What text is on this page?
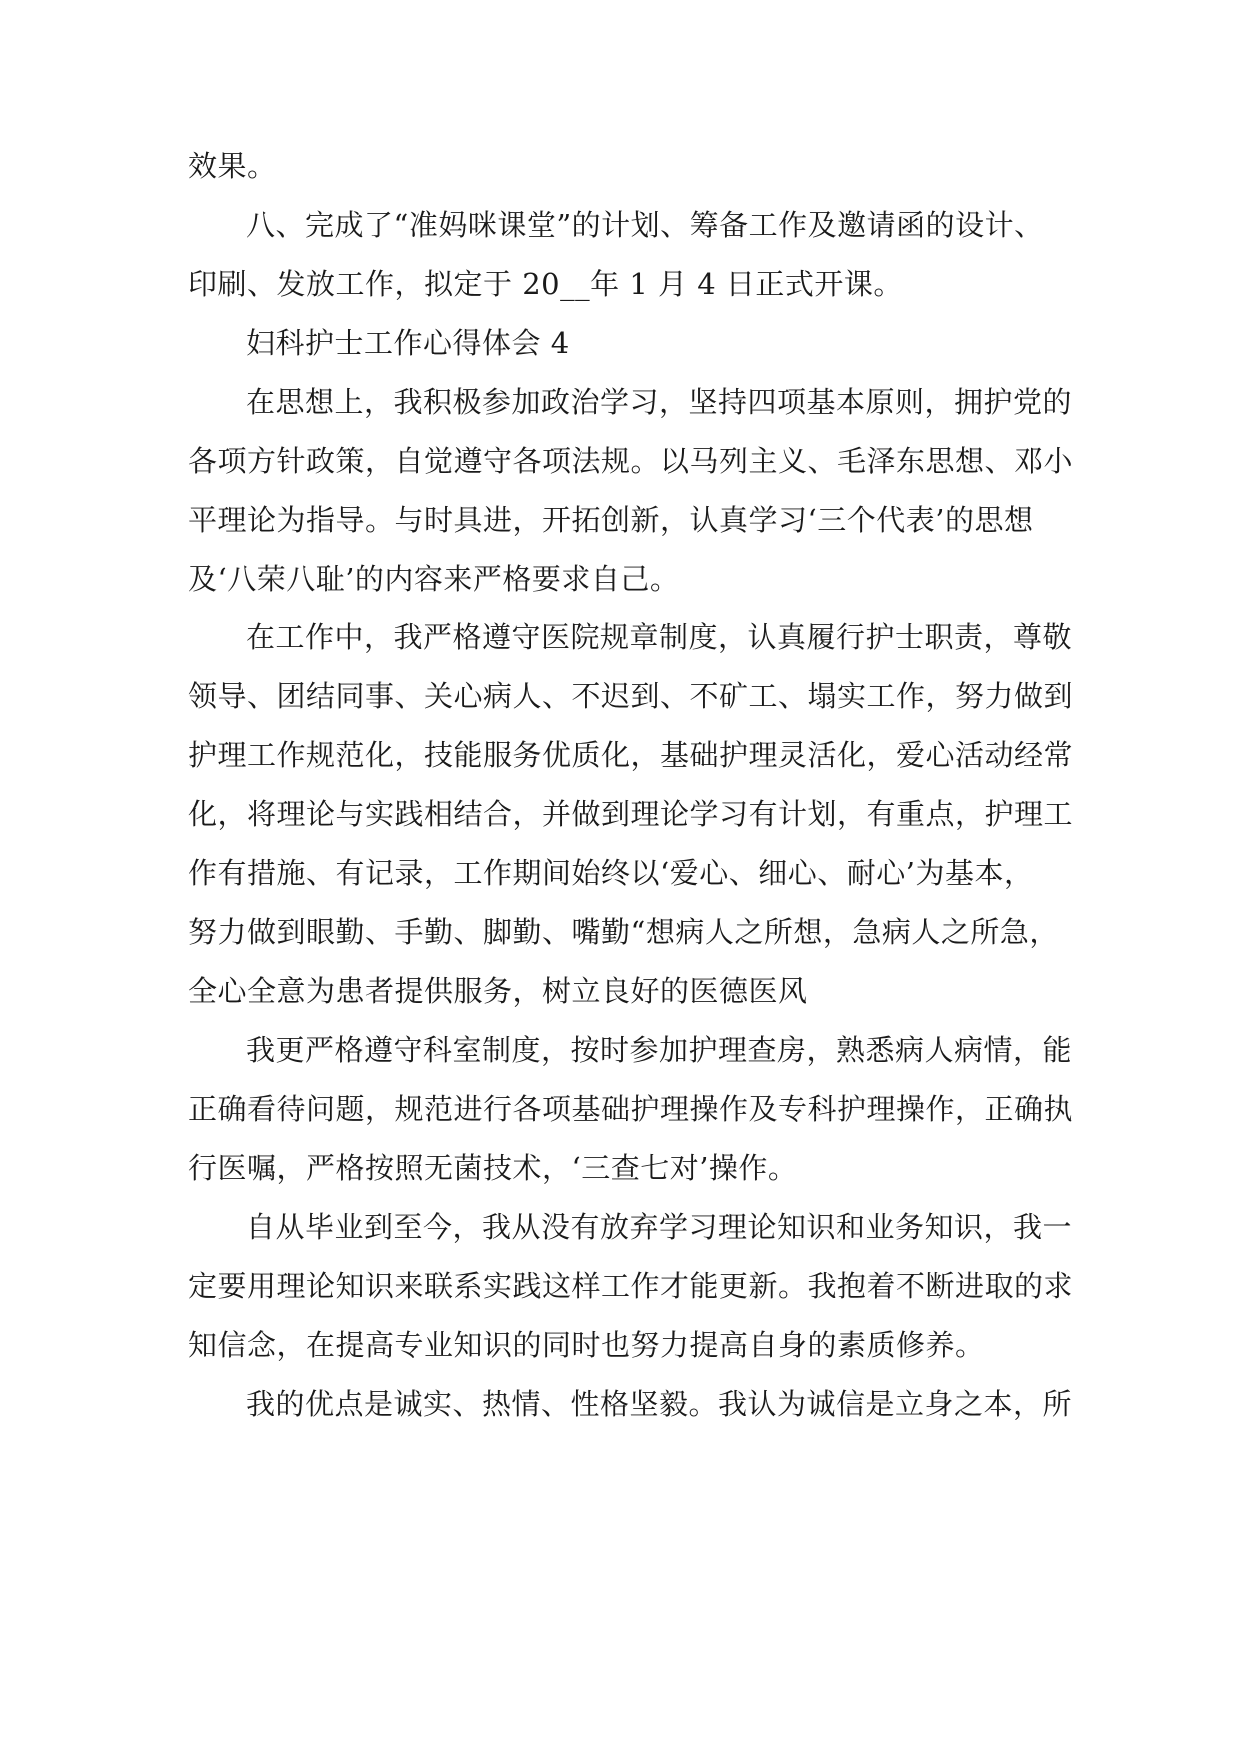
效果。
八、完成了“准妈咪课堂”的计划、筹备工作及邀请函的设计、
印刷、发放工作，拟定于 20__年 1 月 4 日正式开课。
妇科护士工作心得体会 4
在思想上，我积极参加政治学习，坚持四项基本原则，拥护党的
各项方针政策，自觉遵守各项法规。以马列主义、毛泽东思想、邓小
平理论为指导。与时具进，开拓创新，认真学习‘三个代表’的思想
及‘八荣八耻’的内容来严格要求自己。
在工作中，我严格遵守医院规章制度，认真履行护士职责，尊敬
领导、团结同事、关心病人、不迟到、不矿工、塌实工作，努力做到
护理工作规范化，技能服务优质化，基础护理灵活化，爱心活动经常
化，将理论与实践相结合，并做到理论学习有计划，有重点，护理工
作有措施、有记录，工作期间始终以‘爱心、细心、耐心’为基本，
努力做到眼勤、手勤、脚勤、嘴勤“想病人之所想，急病人之所急，
全心全意为患者提供服务，树立良好的医德医风
我更严格遵守科室制度，按时参加护理查房，熟悉病人病情，能
正确看待问题，规范进行各项基础护理操作及专科护理操作，正确执
行医嘱，严格按照无菌技术，‘三查七对’操作。
自从毕业到至今，我从没有放弃学习理论知识和业务知识，我一
定要用理论知识来联系实践这样工作才能更新。我抱着不断进取的求
知信念，在提高专业知识的同时也努力提高自身的素质修养。
我的优点是诚实、热情、性格坚毅。我认为诚信是立身之本，所
